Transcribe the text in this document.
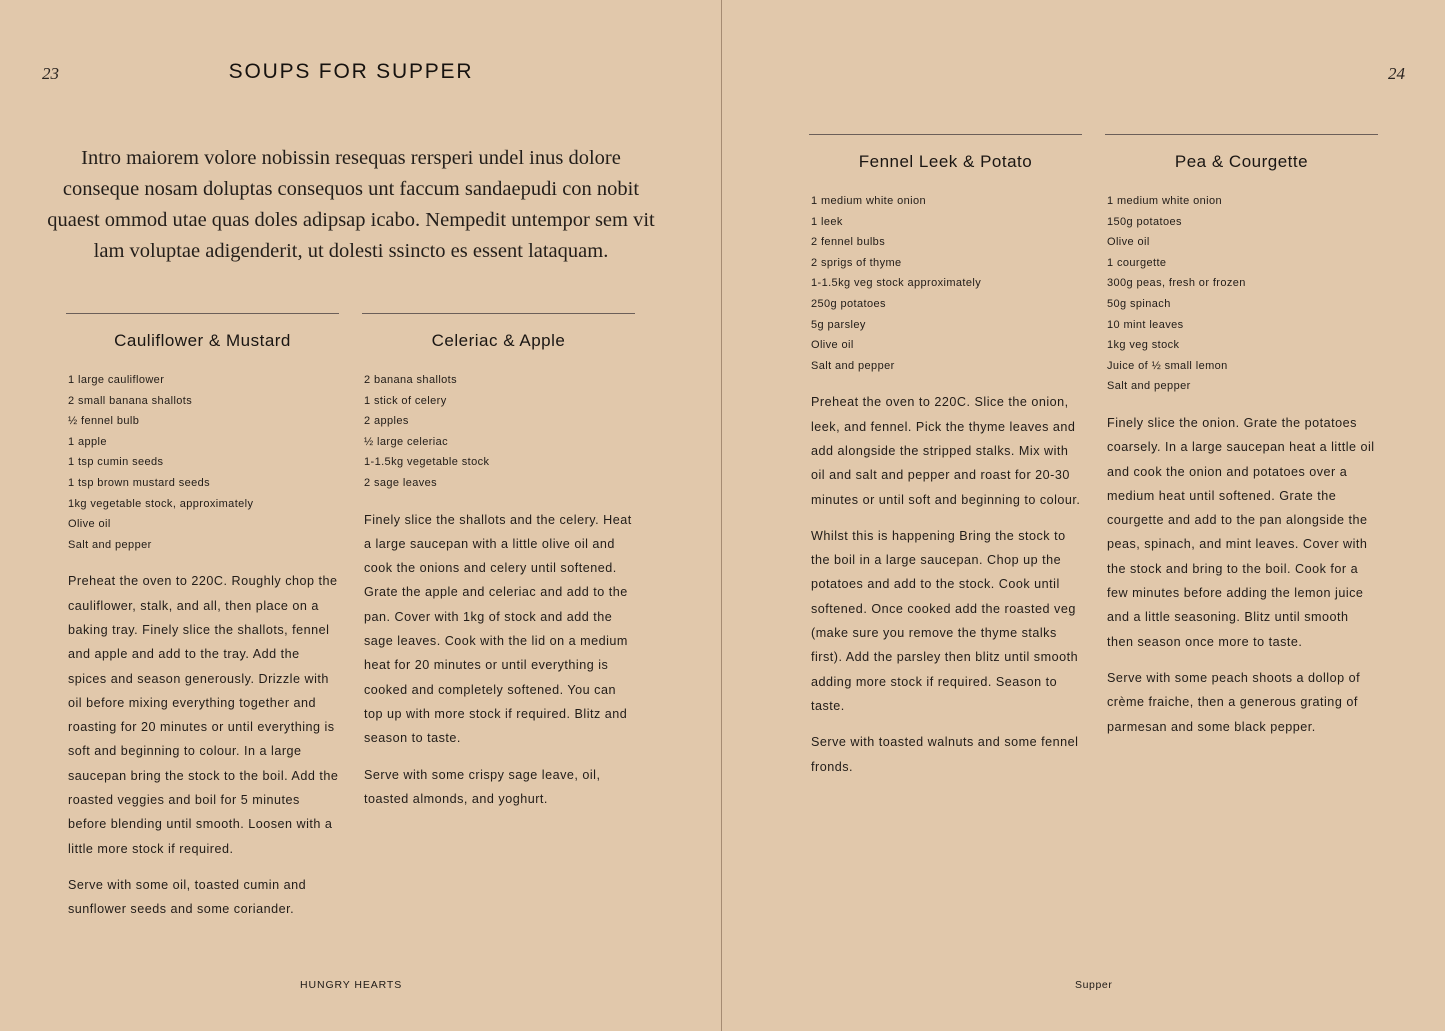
23	SOUPS FOR SUPPER

Intro maiorem volore nobissin resequas rersperi undel inus dolore conseque nosam doluptas consequos unt faccum sandaepudi con nobit quaest ommod utae quas doles adipsap icabo. Nempedit untempor sem vit lam voluptae adigenderit, ut dolesti ssincto es essent lataquam.

Cauliflower & Mustard
1 large cauliflower
2 small banana shallots
½ fennel bulb
1 apple
1 tsp cumin seeds
1 tsp brown mustard seeds
1kg vegetable stock, approximately
Olive oil
Salt and pepper

Preheat the oven to 220C. Roughly chop the cauliflower, stalk, and all, then place on a baking tray. Finely slice the shallots, fennel and apple and add to the tray. Add the spices and season generously. Drizzle with oil before mixing everything together and roasting for 20 minutes or until everything is soft and beginning to colour. In a large saucepan bring the stock to the boil. Add the roasted veggies and boil for 5 minutes before blending until smooth. Loosen with a little more stock if required.

Serve with some oil, toasted cumin and sunflower seeds and some coriander.

Celeriac & Apple
2 banana shallots
1 stick of celery
2 apples
½ large celeriac
1-1.5kg vegetable stock
2 sage leaves

Finely slice the shallots and the celery. Heat a large saucepan with a little olive oil and cook the onions and celery until softened. Grate the apple and celeriac and add to the pan. Cover with 1kg of stock and add the sage leaves. Cook with the lid on a medium heat for 20 minutes or until everything is cooked and completely softened. You can top up with more stock if required. Blitz and season to taste.

Serve with some crispy sage leave, oil, toasted almonds, and yoghurt.

HUNGRY HEARTS
24
Fennel Leek & Potato
1 medium white onion
1 leek
2 fennel bulbs
2 sprigs of thyme
1-1.5kg veg stock approximately
250g potatoes
5g parsley
Olive oil
Salt and pepper

Preheat the oven to 220C. Slice the onion, leek, and fennel. Pick the thyme leaves and add alongside the stripped stalks. Mix with oil and salt and pepper and roast for 20-30 minutes or until soft and beginning to colour.

Whilst this is happening Bring the stock to the boil in a large saucepan. Chop up the potatoes and add to the stock. Cook until softened. Once cooked add the roasted veg (make sure you remove the thyme stalks first). Add the parsley then blitz until smooth adding more stock if required. Season to taste.

Serve with toasted walnuts and some fennel fronds.

Pea & Courgette
1 medium white onion
150g potatoes
Olive oil
1 courgette
300g peas, fresh or frozen
50g spinach
10 mint leaves
1kg veg stock
Juice of ½ small lemon
Salt and pepper

Finely slice the onion. Grate the potatoes coarsely. In a large saucepan heat a little oil and cook the onion and potatoes over a medium heat until softened. Grate the courgette and add to the pan alongside the peas, spinach, and mint leaves. Cover with the stock and bring to the boil. Cook for a few minutes before adding the lemon juice and a little seasoning. Blitz until smooth then season once more to taste.

Serve with some peach shoots a dollop of crème fraiche, then a generous grating of parmesan and some black pepper.

Supper
